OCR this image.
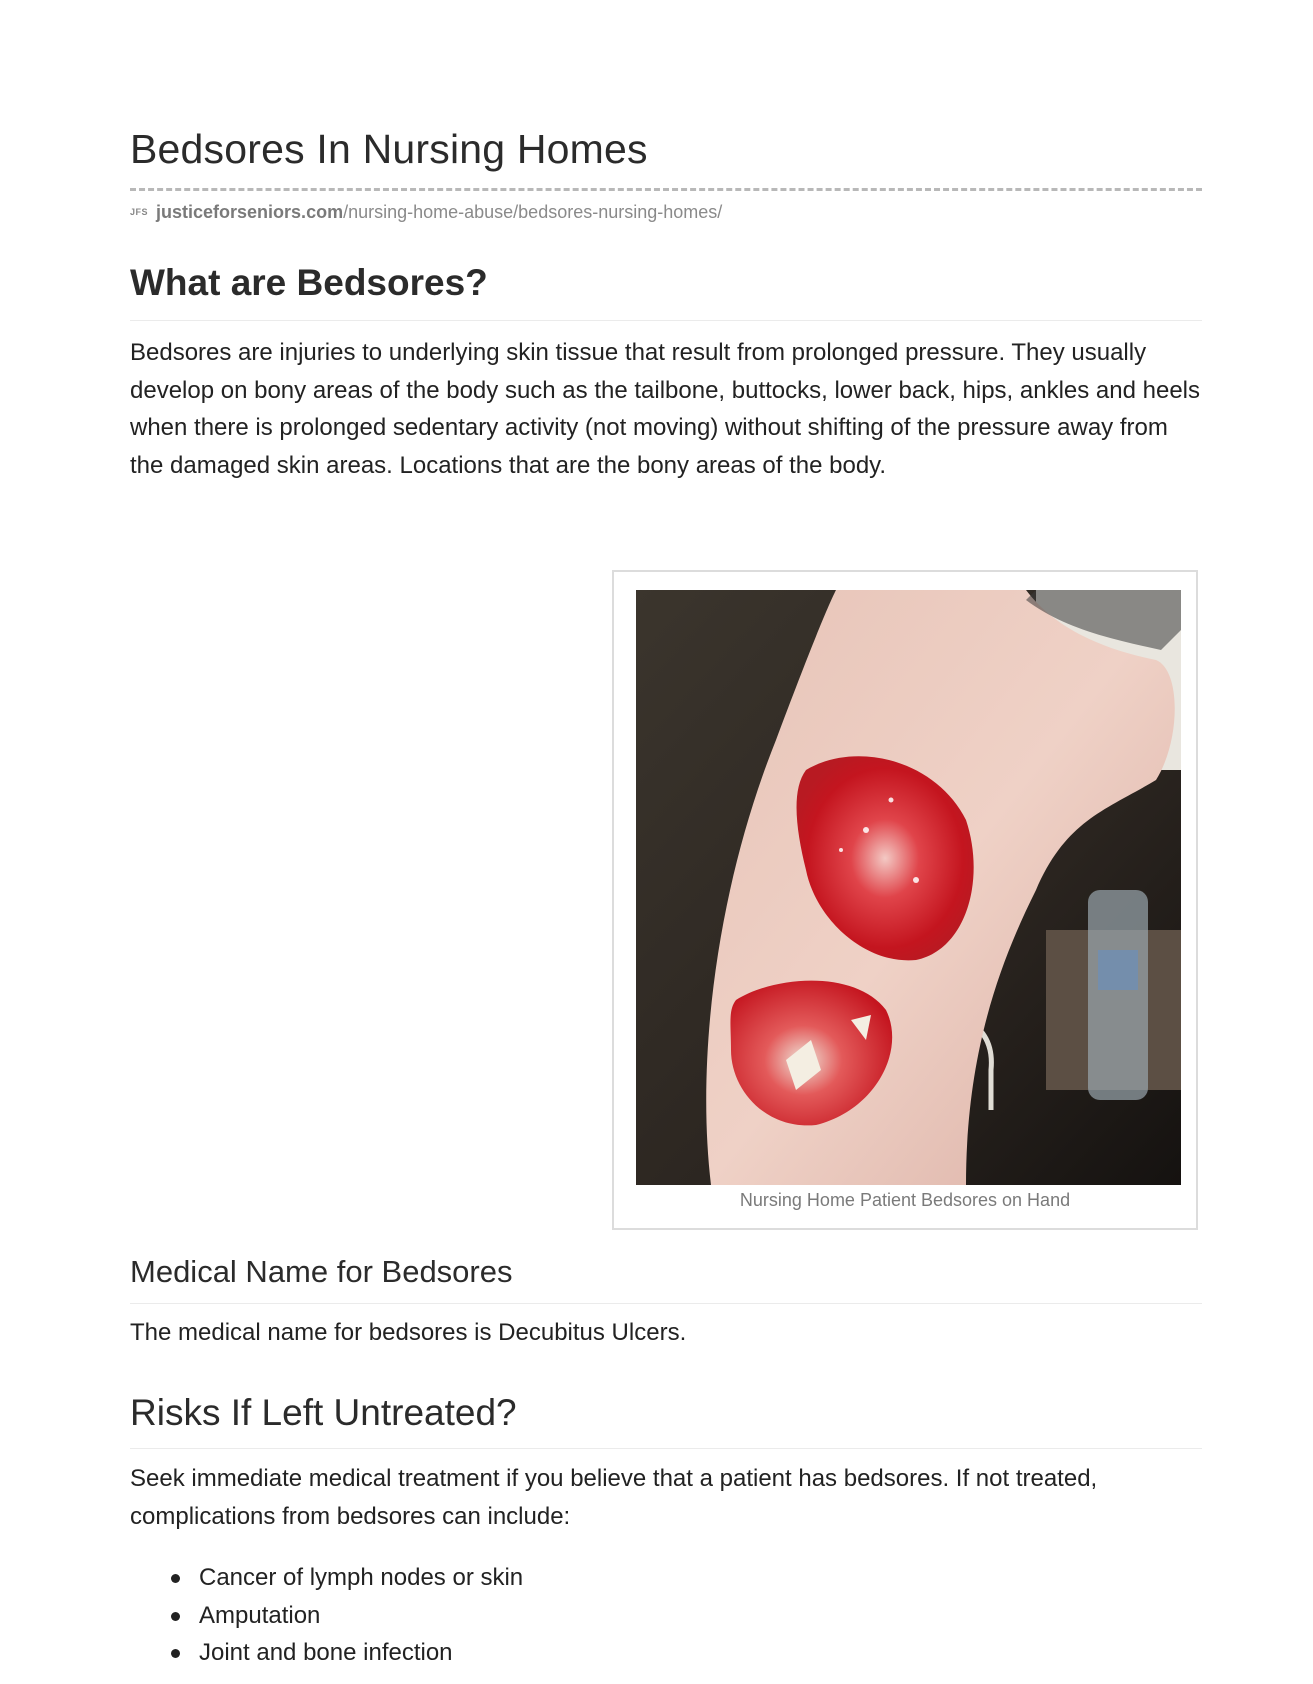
Bedsores In Nursing Homes
JFS justiceforseniors.com/nursing-home-abuse/bedsores-nursing-homes/
What are Bedsores?

Bedsores are injuries to underlying skin tissue that result from prolonged pressure. They usually develop on bony areas of the body such as the tailbone, buttocks, lower back, hips, ankles and heels when there is prolonged sedentary activity (not moving) without shifting of the pressure away from the damaged skin areas. Locations that are the bony areas of the body.

Nursing Home Patient Bedsores on Hand
Medical Name for Bedsores

The medical name for bedsores is Decubitus Ulcers.

Risks If Left Untreated?

Seek immediate medical treatment if you believe that a patient has bedsores. If not treated, complications from bedsores can include:

Cancer of lymph nodes or skin
Amputation
Joint and bone infection
